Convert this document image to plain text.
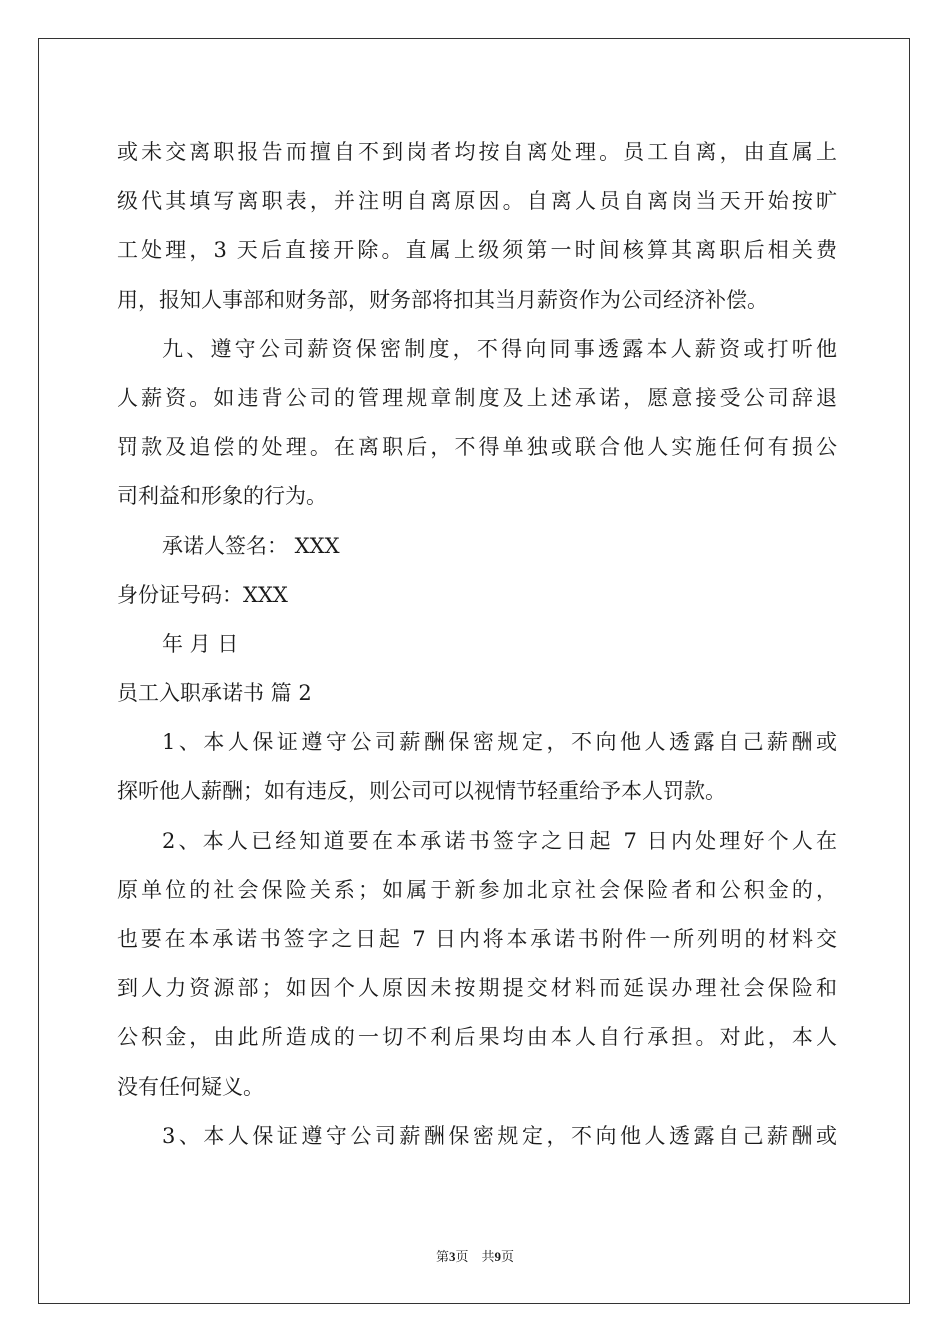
或未交离职报告而擅自不到岗者均按自离处理。员工自离，由直属上
级代其填写离职表，并注明自离原因。自离人员自离岗当天开始按旷
工处理，3 天后直接开除。直属上级须第一时间核算其离职后相关费
用，报知人事部和财务部，财务部将扣其当月薪资作为公司经济补偿。
九、遵守公司薪资保密制度，不得向同事透露本人薪资或打听他
人薪资。如违背公司的管理规章制度及上述承诺，愿意接受公司辞退
罚款及追偿的处理。在离职后，不得单独或联合他人实施任何有损公
司利益和形象的行为。
承诺人签名： XXX
身份证号码：XXX
年 月 日
员工入职承诺书 篇 2
1、本人保证遵守公司薪酬保密规定，不向他人透露自己薪酬或
探听他人薪酬；如有违反，则公司可以视情节轻重给予本人罚款。
2、本人已经知道要在本承诺书签字之日起 7 日内处理好个人在
原单位的社会保险关系；如属于新参加北京社会保险者和公积金的，
也要在本承诺书签字之日起 7 日内将本承诺书附件一所列明的材料交
到人力资源部；如因个人原因未按期提交材料而延误办理社会保险和
公积金，由此所造成的一切不利后果均由本人自行承担。对此，本人
没有任何疑义。
3、本人保证遵守公司薪酬保密规定，不向他人透露自己薪酬或
第3页　共9页
